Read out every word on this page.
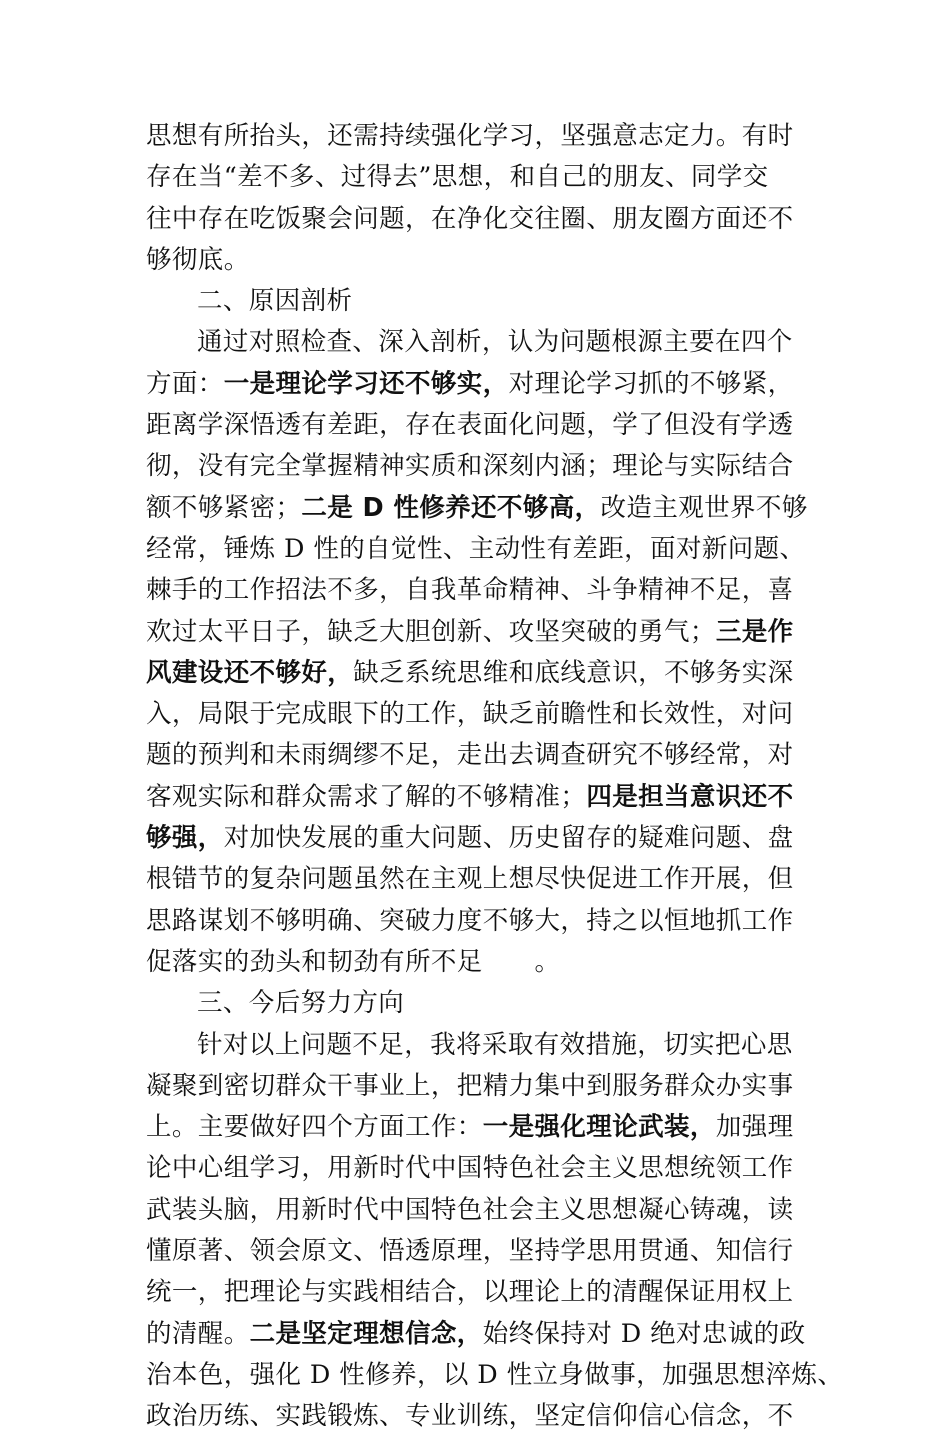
思想有所抬头，还需持续强化学习，坚强意志定力。有时
存在当“差不多、过得去”思想，和自己的朋友、同学交
往中存在吃饭聚会问题，在净化交往圈、朋友圈方面还不
够彻底。
二、原因剖析
通过对照检查、深入剖析，认为问题根源主要在四个
方面：一是理论学习还不够实，对理论学习抓的不够紧，
距离学深悟透有差距，存在表面化问题，学了但没有学透
彻，没有完全掌握精神实质和深刻内涵；理论与实际结合
额不够紧密；二是 D 性修养还不够高，改造主观世界不够
经常，锤炼 D 性的自觉性、主动性有差距，面对新问题、
棘手的工作招法不多，自我革命精神、斗争精神不足，喜
欢过太平日子，缺乏大胆创新、攻坚突破的勇气；三是作
风建设还不够好，缺乏系统思维和底线意识，不够务实深
入，局限于完成眼下的工作，缺乏前瞻性和长效性，对问
题的预判和未雨绸缪不足，走出去调查研究不够经常，对
客观实际和群众需求了解的不够精准；四是担当意识还不
够强，对加快发展的重大问题、历史留存的疑难问题、盘
根错节的复杂问题虽然在主观上想尽快促进工作开展，但
思路谋划不够明确、突破力度不够大，持之以恒地抓工作
促落实的劲头和韧劲有所不足　　。
三、今后努力方向
针对以上问题不足，我将采取有效措施，切实把心思
凝聚到密切群众干事业上，把精力集中到服务群众办实事
上。主要做好四个方面工作：一是强化理论武装，加强理
论中心组学习，用新时代中国特色社会主义思想统领工作
武装头脑，用新时代中国特色社会主义思想凝心铸魂，读
懂原著、领会原文、悟透原理，坚持学思用贯通、知信行
统一，把理论与实践相结合，以理论上的清醒保证用权上
的清醒。二是坚定理想信念，始终保持对 D 绝对忠诚的政
治本色，强化 D 性修养，以 D 性立身做事，加强思想淬炼、
政治历练、实践锻炼、专业训练，坚定信仰信心信念，不
